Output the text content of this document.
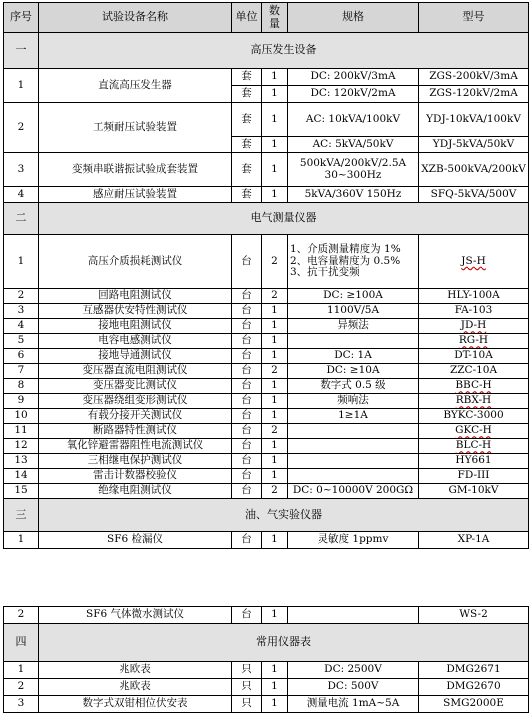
序号	试验设备名称	单位	数量	规格	型号
一	高压发生设备				
1	直流高压发生器	套	1	DC: 200kV/3mA	ZGS-200kV/3mA
		套	1	DC: 120kV/2mA	ZGS-120kV/2mA
2	工频耐压试验装置	套	1	AC: 10kVA/100kV	YDJ-10kVA/100kV
		套	1	AC: 5kVA/50kV	YDJ-5kVA/50kV
3	变频串联谐振试验成套装置	套	1	500kVA/200kV/2.5A 30~300Hz	XZB-500kVA/200kV
4	感应耐压试验装置	套	1	5kVA/360V 150Hz	SFQ-5kVA/500V
二	电气测量仪器				
1	高压介质损耗测试仪	台	2	1、介质测量精度为 1% 2、电容量精度为 0.5% 3、抗干扰变频	JS-H
2	回路电阻测试仪	台	2	DC: ≥100A	HLY-100A
3	互感器伏安特性测试仪	台	1	1100V/5A	FA-103
4	接地电阻测试仪	台	1	异频法	JD-H
5	电容电感测试仪	台	1		RG-H
6	接地导通测试仪	台	1	DC: 1A	DT-10A
7	变压器直流电阻测试仪	台	2	DC: ≥10A	ZZC-10A
8	变压器变比测试仪	台	1	数字式 0.5 级	BBC-H
9	变压器绕组变形测试仪	台	1	频响法	RBX-H
10	有载分接开关测试仪	台	1	1≥1A	BYKC-3000
11	断路器特性测试仪	台	2		GKC-H
12	氧化锌避雷器阻性电流测试仪	台	1		BLC-H
13	三相继电保护测试仪	台	1		HY661
14	雷击计数器校验仪	台	1		FD-III
15	绝缘电阻测试仪	台	2	DC: 0~10000V 200GΩ	GM-10kV
三	油、气实验仪器				
1	SF6 检漏仪	台	1	灵敏度 1ppmv	XP-1A
2	SF6 气体微水测试仪	台	1		WS-2
四	常用仪器表				
1	兆欧表	只	1	DC: 2500V	DMG2671
2	兆欧表	只	1	DC: 500V	DMG2670
3	数字式双钳相位伏安表	只	1	测量电流 1mA~5A	SMG2000E
